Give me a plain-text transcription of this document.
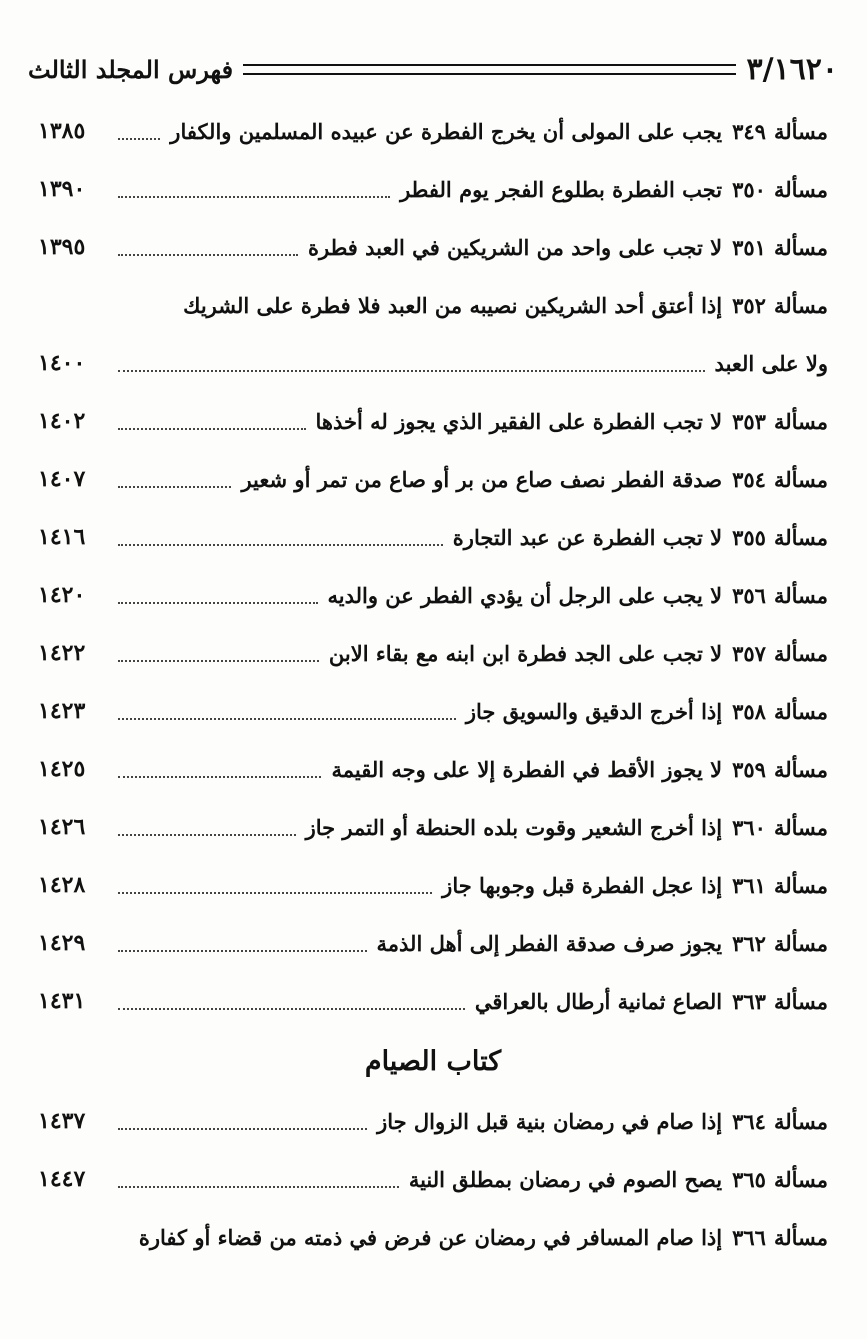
٣/١٦٢٠
فهرس المجلد الثالث
مسألة٣٤٩يجب على المولى أن يخرج الفطرة عن عبيده المسلمين والكفار
١٣٨٥
مسألة٣٥٠تجب الفطرة بطلوع الفجر يوم الفطر
١٣٩٠
مسألة٣٥١لا تجب على واحد من الشريكين في العبد فطرة
١٣٩٥
مسألة٣٥٢إذا أعتق أحد الشريكين نصيبه من العبد فلا فطرة على الشريك
ولا على العبد
١٤٠٠
مسألة٣٥٣لا تجب الفطرة على الفقير الذي يجوز له أخذها
١٤٠٢
مسألة٣٥٤صدقة الفطر نصف صاع من بر أو صاع من تمر أو شعير
١٤٠٧
مسألة٣٥٥لا تجب الفطرة عن عبد التجارة
١٤١٦
مسألة٣٥٦لا يجب على الرجل أن يؤدي الفطر عن والديه
١٤٢٠
مسألة٣٥٧لا تجب على الجد فطرة ابن ابنه مع بقاء الابن
١٤٢٢
مسألة٣٥٨إذا أخرج الدقيق والسويق جاز
١٤٢٣
مسألة٣٥٩لا يجوز الأقط في الفطرة إلا على وجه القيمة
١٤٢٥
مسألة٣٦٠إذا أخرج الشعير وقوت بلده الحنطة أو التمر جاز
١٤٢٦
مسألة٣٦١إذا عجل الفطرة قبل وجوبها جاز
١٤٢٨
مسألة٣٦٢يجوز صرف صدقة الفطر إلى أهل الذمة
١٤٢٩
مسألة٣٦٣الصاع ثمانية أرطال بالعراقي
١٤٣١
كتاب الصيام
مسألة٣٦٤إذا صام في رمضان بنية قبل الزوال جاز
١٤٣٧
مسألة٣٦٥يصح الصوم في رمضان بمطلق النية
١٤٤٧
مسألة٣٦٦إذا صام المسافر في رمضان عن فرض في ذمته من قضاء أو كفارة
